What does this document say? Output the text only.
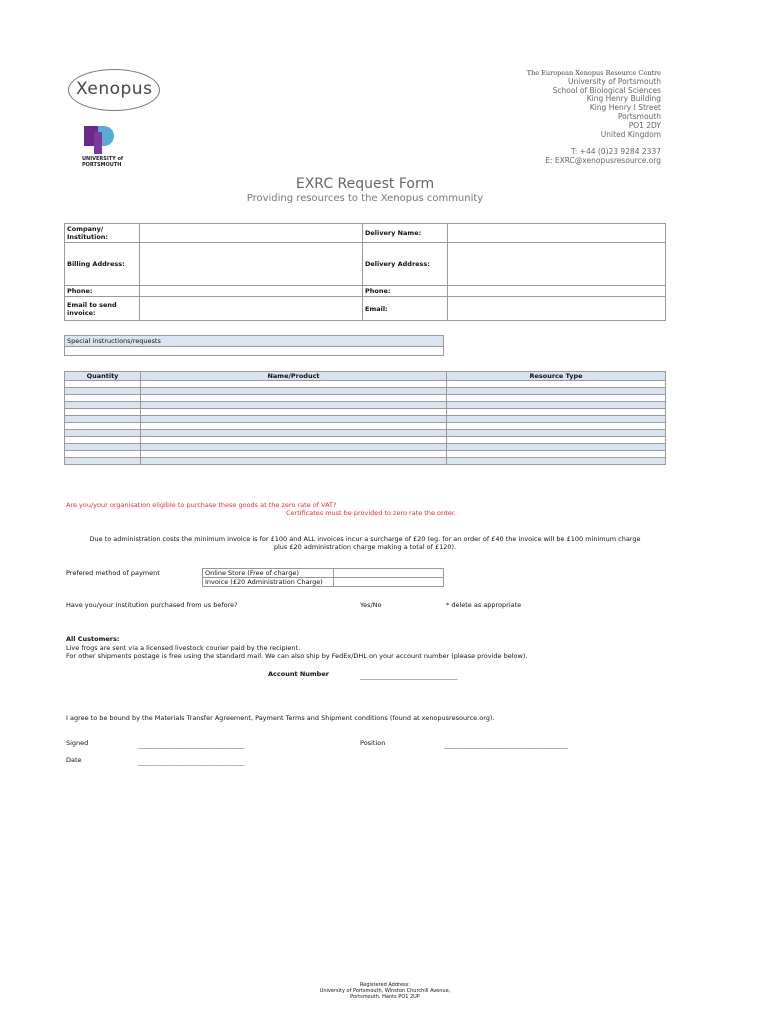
Xenopus
UNIVERSITY of
PORTSMOUTH
The European Xenopus Resource Centre
University of Portsmouth
School of Biological Sciences
King Henry Building
King Henry I Street
Portsmouth
PO1 2DY
United Kingdom
T: +44 (0)23 9284 2337
E: EXRC@xenopusresource.org
EXRC Request Form
Providing resources to the Xenopus community
Company/ Institution:		Delivery Name:	
Billing Address:		Delivery Address:	
Phone:		Phone:	
Email to send invoice:		Email:	
Special instructions/requests
Quantity	Name/Product	Resource Type

Are you/your organisation eligible to purchase these goods at the zero rate of VAT?
Certificates must be provided to zero rate the order.
Due to administration costs the minimum invoice is for £100 and ALL invoices incur a surcharge of £20 (eg. for an order of £40 the invoice will be £100 minimum charge
plus £20 administration charge making a total of £120).
Prefered method of payment	Online Store (Free of charge)	
Invoice (£20 Administration Charge)	
Have you/your institution purchased from us before?	Yes/No	* delete as appropriate
All Customers:
Live frogs are sent via a licensed livestock courier paid by the recipient.
For other shipments postage is free using the standard mail. We can also ship by FedEx/DHL on your account number (please provide below).
Account Number	_________________________________
I agree to be bound by the Materials Transfer Agreement, Payment Terms and Shipment conditions (found at xenopusresource.org).
Signed	____________________________________	Position	__________________________________________
Date	____________________________________
Registered Address:
University of Portsmouth, Winston Churchill Avenue,
Portsmouth, Hants PO1 2UP
